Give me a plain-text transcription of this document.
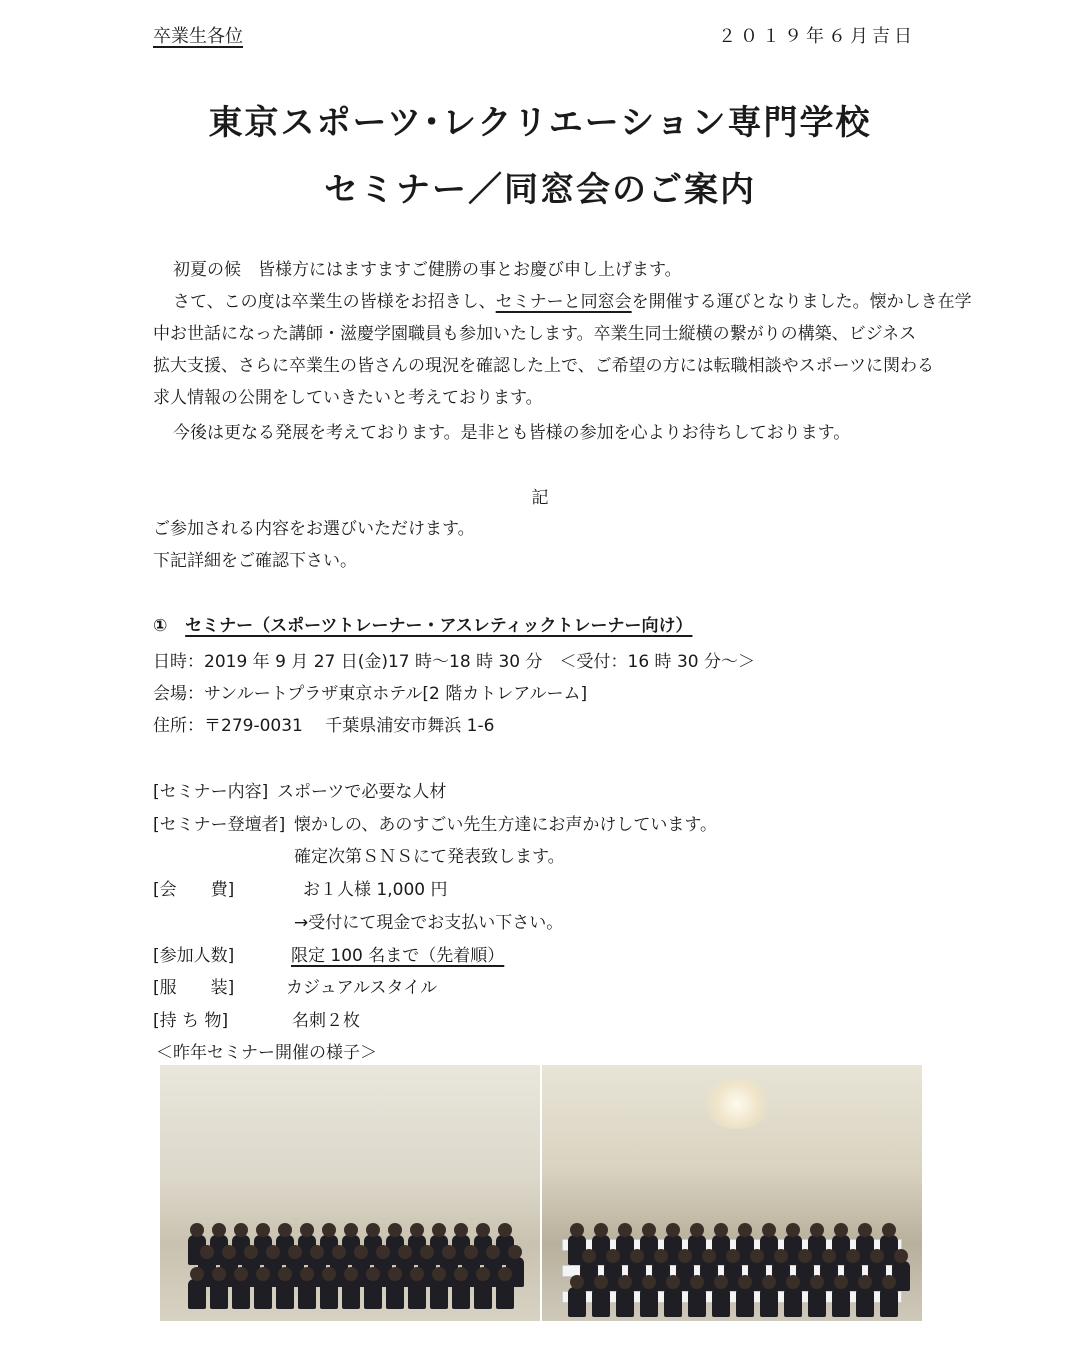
卒業生各位	２０１９年６月吉日
東京スポーツ･レクリエーション専門学校
セミナー／同窓会のご案内
初夏の候　皆様方にはますますご健勝の事とお慶び申し上げます。
さて、この度は卒業生の皆様をお招きし、セミナーと同窓会を開催する運びとなりました。懐かしき在学
中お世話になった講師・滋慶学園職員も参加いたします。卒業生同士縦横の繋がりの構築、ビジネス
拡大支援、さらに卒業生の皆さんの現況を確認した上で、ご希望の方には転職相談やスポーツに関わる
求人情報の公開をしていきたいと考えております。
今後は更なる発展を考えております。是非とも皆様の参加を心よりお待ちしております。
記
ご参加される内容をお選びいただけます。
下記詳細をご確認下さい。
① セミナー（スポーツトレーナー・アスレティックトレーナー向け）
日時：2019 年 9 月 27 日(金)17 時～18 時 30 分　＜受付：16 時 30 分～＞
会場：サンルートプラザ東京ホテル[2 階カトレアルーム]
住所：〒279-0031　 千葉県浦安市舞浜 1-6
[セミナー内容] スポーツで必要な人材
[セミナー登壇者] 懐かしの、あのすごい先生方達にお声かけしています。
確定次第ＳＮＳにて発表致します。
[会　　費]	お１人様 1,000 円
→受付にて現金でお支払い下さい。
[参加人数]	限定 100 名まで（先着順）
[服　　装]	カジュアルスタイル
[持 ち 物]	名刺２枚
＜昨年セミナー開催の様子＞
